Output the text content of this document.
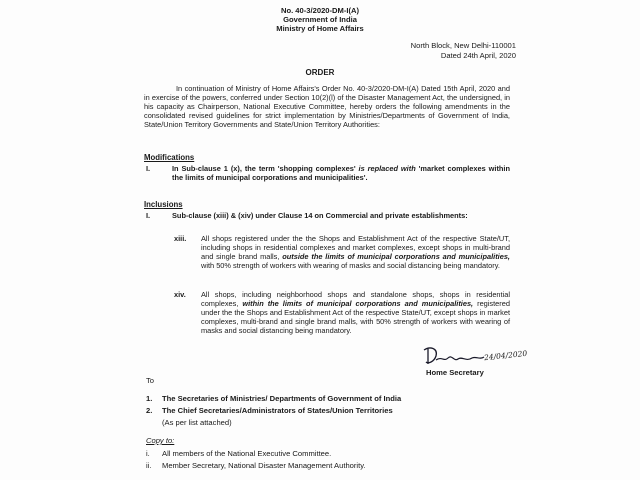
No. 40-3/2020-DM-I(A)
Government of India
Ministry of Home Affairs
North Block, New Delhi-110001
Dated 24th April, 2020
ORDER
In continuation of Ministry of Home Affairs's Order No. 40-3/2020-DM-I(A) Dated 15th April, 2020 and in exercise of the powers, conferred under Section 10(2)(l) of the Disaster Management Act, the undersigned, in his capacity as Chairperson, National Executive Committee, hereby orders the following amendments in the consolidated revised guidelines for strict implementation by Ministries/Departments of Government of India, State/Union Territory Governments and State/Union Territory Authorities:
Modifications
I.	In Sub-clause 1 (x), the term 'shopping complexes' is replaced with 'market complexes within the limits of municipal corporations and municipalities'.
Inclusions
I.	Sub-clause (xiii) & (xiv) under Clause 14 on Commercial and private establishments:
xiii. All shops registered under the the Shops and Establishment Act of the respective State/UT, including shops in residential complexes and market complexes, except shops in multi-brand and single brand malls, outside the limits of municipal corporations and municipalities, with 50% strength of workers with wearing of masks and social distancing being mandatory.
xiv. All shops, including neighborhood shops and standalone shops, shops in residential complexes, within the limits of municipal corporations and municipalities, registered under the the Shops and Establishment Act of the respective State/UT, except shops in market complexes, multi-brand and single brand malls, with 50% strength of workers with wearing of masks and social distancing being mandatory.
24/04/2020
Home Secretary
To
1. The Secretaries of Ministries/ Departments of Government of India
2. The Chief Secretaries/Administrators of States/Union Territories
(As per list attached)
Copy to:
i. All members of the National Executive Committee.
ii. Member Secretary, National Disaster Management Authority.
